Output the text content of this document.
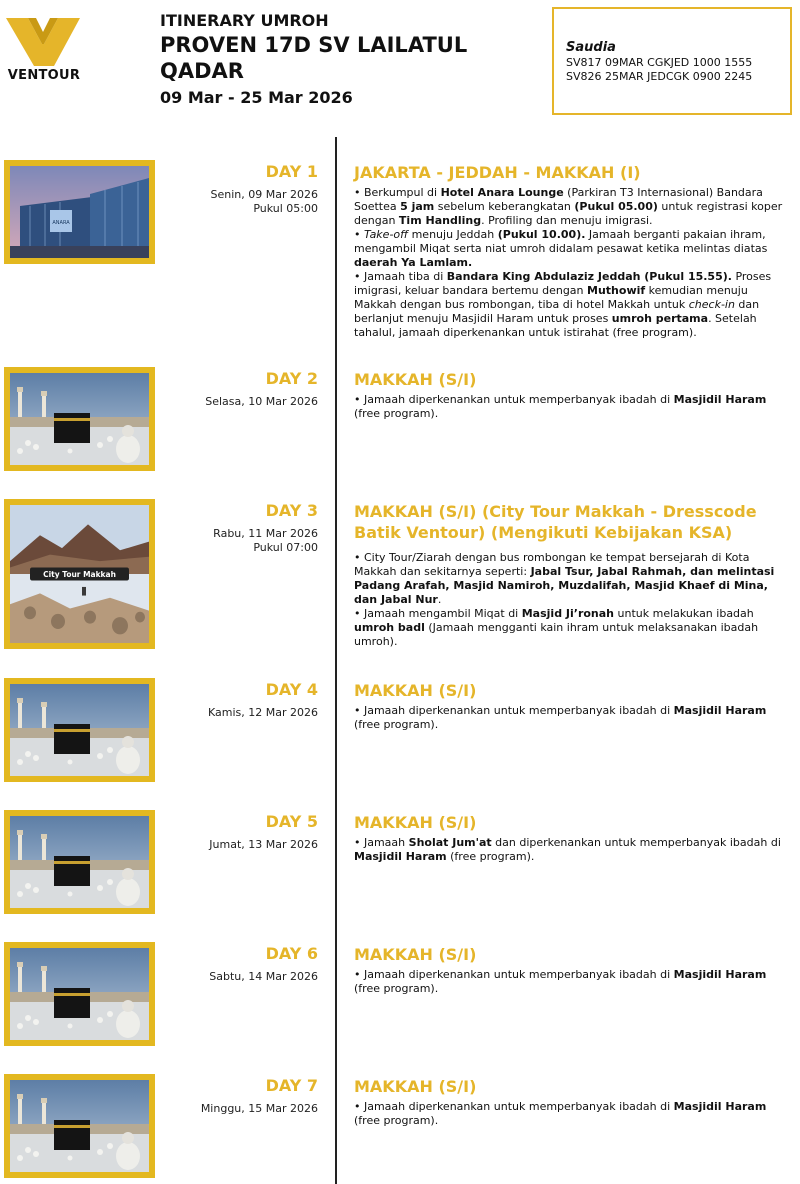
VENTOUR
ITINERARY UMROH
PROVEN 17D SV LAILATUL QADAR
09 Mar - 25 Mar 2026
Saudia
SV817 09MAR CGKJED 1000 1555
SV826 25MAR JEDCGK 0900 2245
ANARA
DAY 1
Senin, 09 Mar 2026
Pukul 05:00
JAKARTA - JEDDAH - MAKKAH (I)

• Berkumpul di Hotel Anara Lounge (Parkiran T3 Internasional) Bandara Soettea 5 jam sebelum keberangkatan (Pukul 05.00) untuk registrasi koper dengan Tim Handling. Profiling dan menuju imigrasi.

• Take-off menuju Jeddah (Pukul 10.00). Jamaah berganti pakaian ihram, mengambil Miqat serta niat umroh didalam pesawat ketika melintas diatas daerah Ya Lamlam.

• Jamaah tiba di Bandara King Abdulaziz Jeddah (Pukul 15.55). Proses imigrasi, keluar bandara bertemu dengan Muthowif kemudian menuju Makkah dengan bus rombongan, tiba di hotel Makkah untuk check-in dan berlanjut menuju Masjidil Haram untuk proses umroh pertama. Setelah tahalul, jamaah diperkenankan untuk istirahat (free program).

DAY 2
Selasa, 10 Mar 2026
MAKKAH (S/I)

• Jamaah diperkenankan untuk memperbanyak ibadah di Masjidil Haram (free program).

City Tour Makkah
DAY 3
Rabu, 11 Mar 2026
Pukul 07:00
MAKKAH (S/I) (City Tour Makkah - Dresscode Batik Ventour) (Mengikuti Kebijakan KSA)

• City Tour/Ziarah dengan bus rombongan ke tempat bersejarah di Kota Makkah dan sekitarnya seperti: Jabal Tsur, Jabal Rahmah, dan melintasi Padang Arafah, Masjid Namiroh, Muzdalifah, Masjid Khaef di Mina, dan Jabal Nur.

• Jamaah mengambil Miqat di Masjid Ji’ronah untuk melakukan ibadah umroh badl (Jamaah mengganti kain ihram untuk melaksanakan ibadah umroh).

DAY 4
Kamis, 12 Mar 2026
MAKKAH (S/I)

• Jamaah diperkenankan untuk memperbanyak ibadah di Masjidil Haram (free program).

DAY 5
Jumat, 13 Mar 2026
MAKKAH (S/I)

• Jamaah Sholat Jum'at dan diperkenankan untuk memperbanyak ibadah di Masjidil Haram (free program).

DAY 6
Sabtu, 14 Mar 2026
MAKKAH (S/I)

• Jamaah diperkenankan untuk memperbanyak ibadah di Masjidil Haram (free program).

DAY 7
Minggu, 15 Mar 2026
MAKKAH (S/I)

• Jamaah diperkenankan untuk memperbanyak ibadah di Masjidil Haram (free program).
